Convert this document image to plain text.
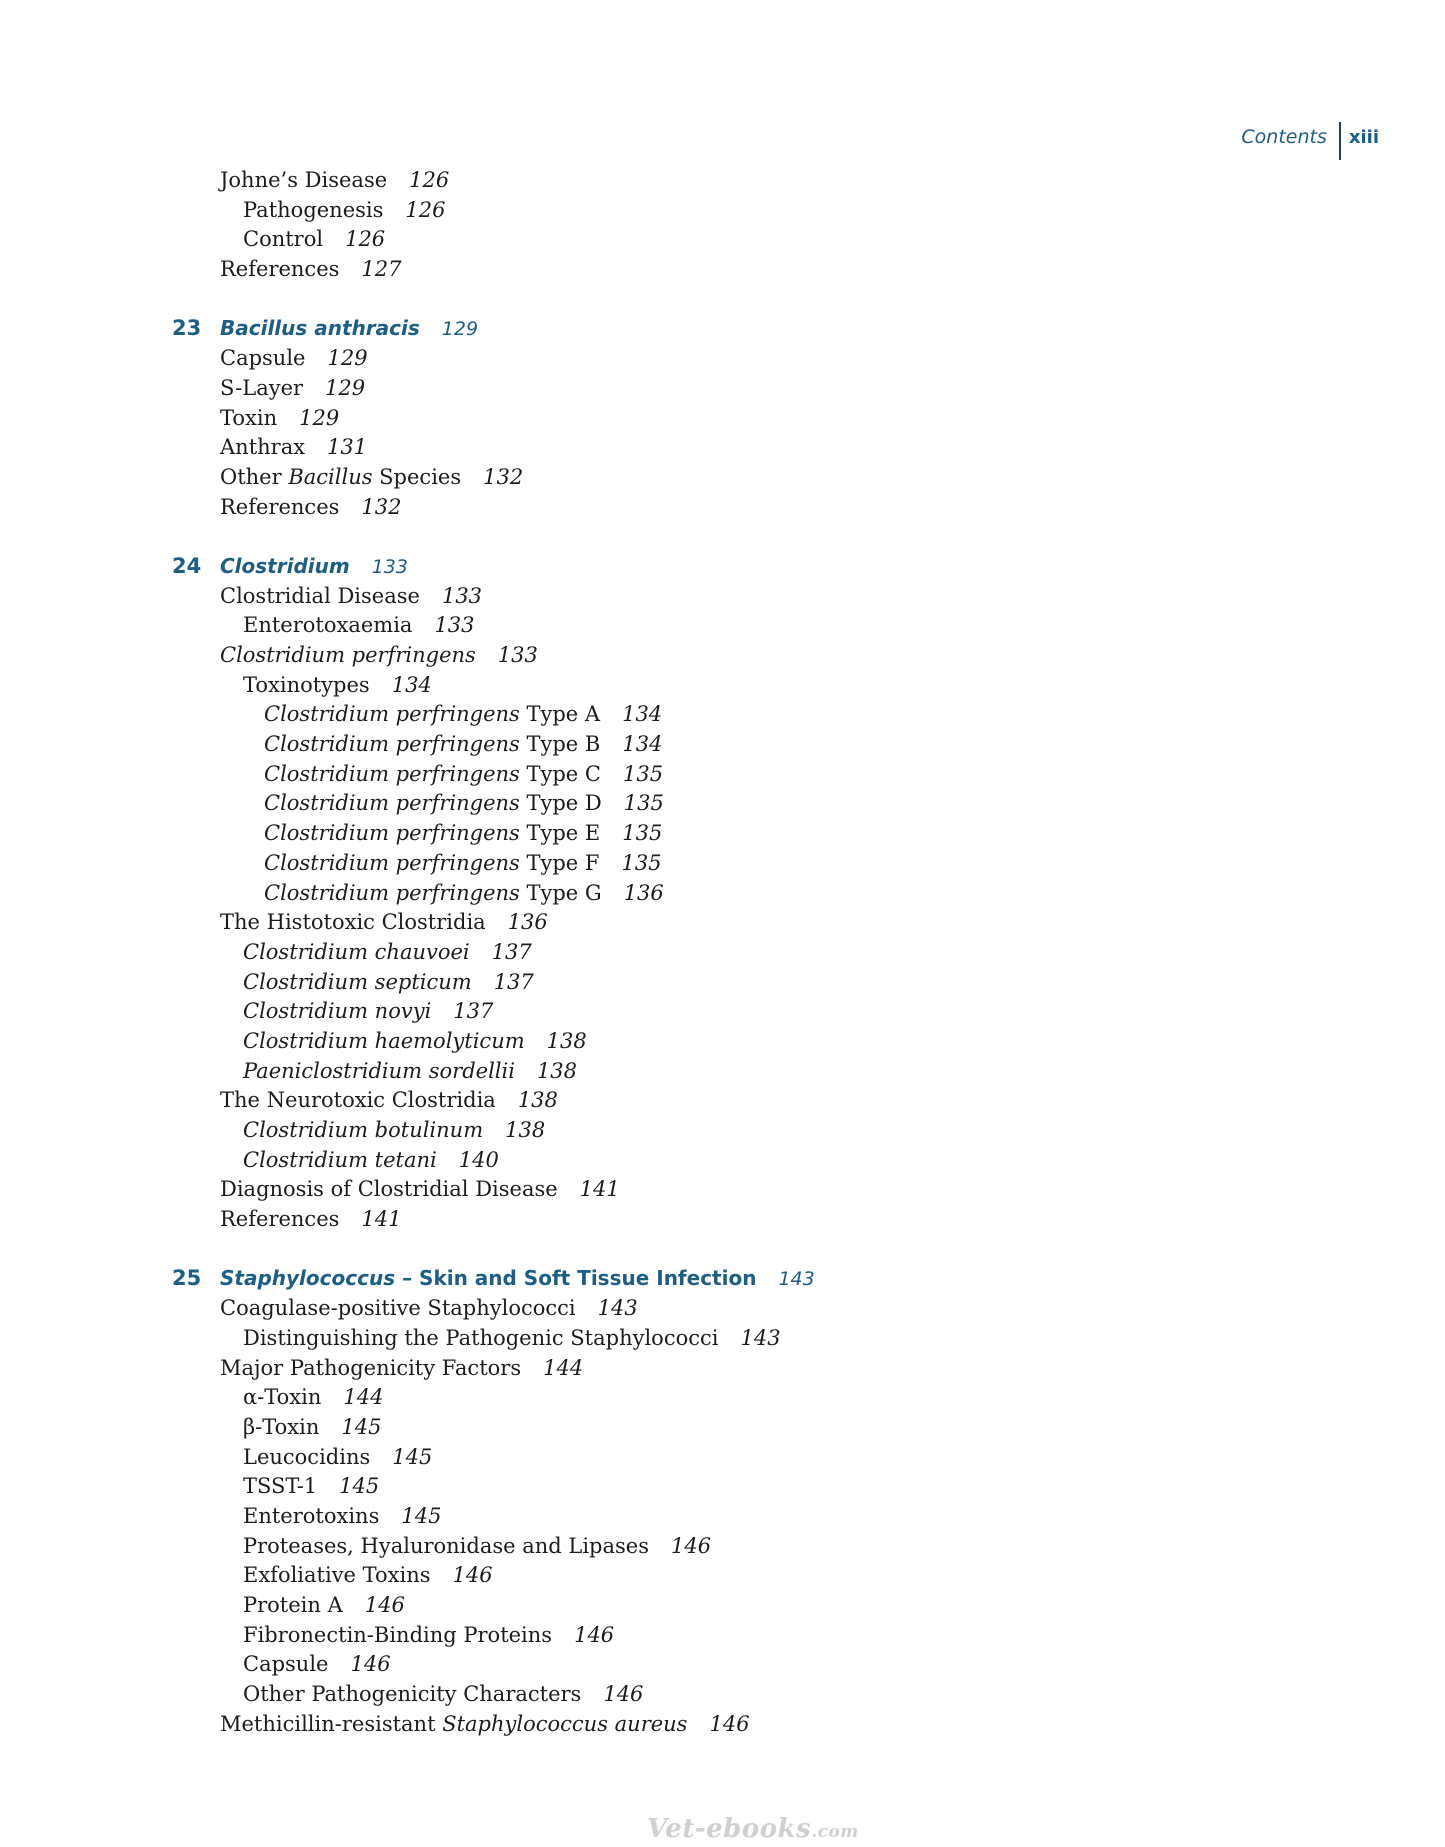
Contents	xiii
Johne’s Disease 126
Pathogenesis 126
Control 126
References 127
23 Bacillus anthracis 129
Capsule 129
S-Layer 129
Toxin 129
Anthrax 131
Other Bacillus Species 132
References 132
24 Clostridium 133
Clostridial Disease 133
Enterotoxaemia 133
Clostridium perfringens 133
Toxinotypes 134
Clostridium perfringens Type A 134
Clostridium perfringens Type B 134
Clostridium perfringens Type C 135
Clostridium perfringens Type D 135
Clostridium perfringens Type E 135
Clostridium perfringens Type F 135
Clostridium perfringens Type G 136
The Histotoxic Clostridia 136
Clostridium chauvoei 137
Clostridium septicum 137
Clostridium novyi 137
Clostridium haemolyticum 138
Paeniclostridium sordellii 138
The Neurotoxic Clostridia 138
Clostridium botulinum 138
Clostridium tetani 140
Diagnosis of Clostridial Disease 141
References 141
25 Staphylococcus – Skin and Soft Tissue Infection 143
Coagulase-positive Staphylococci 143
Distinguishing the Pathogenic Staphylococci 143
Major Pathogenicity Factors 144
α-Toxin 144
β-Toxin 145
Leucocidins 145
TSST-1 145
Enterotoxins 145
Proteases, Hyaluronidase and Lipases 146
Exfoliative Toxins 146
Protein A 146
Fibronectin-Binding Proteins 146
Capsule 146
Other Pathogenicity Characters 146
Methicillin-resistant Staphylococcus aureus 146
Vet-ebooks.com
